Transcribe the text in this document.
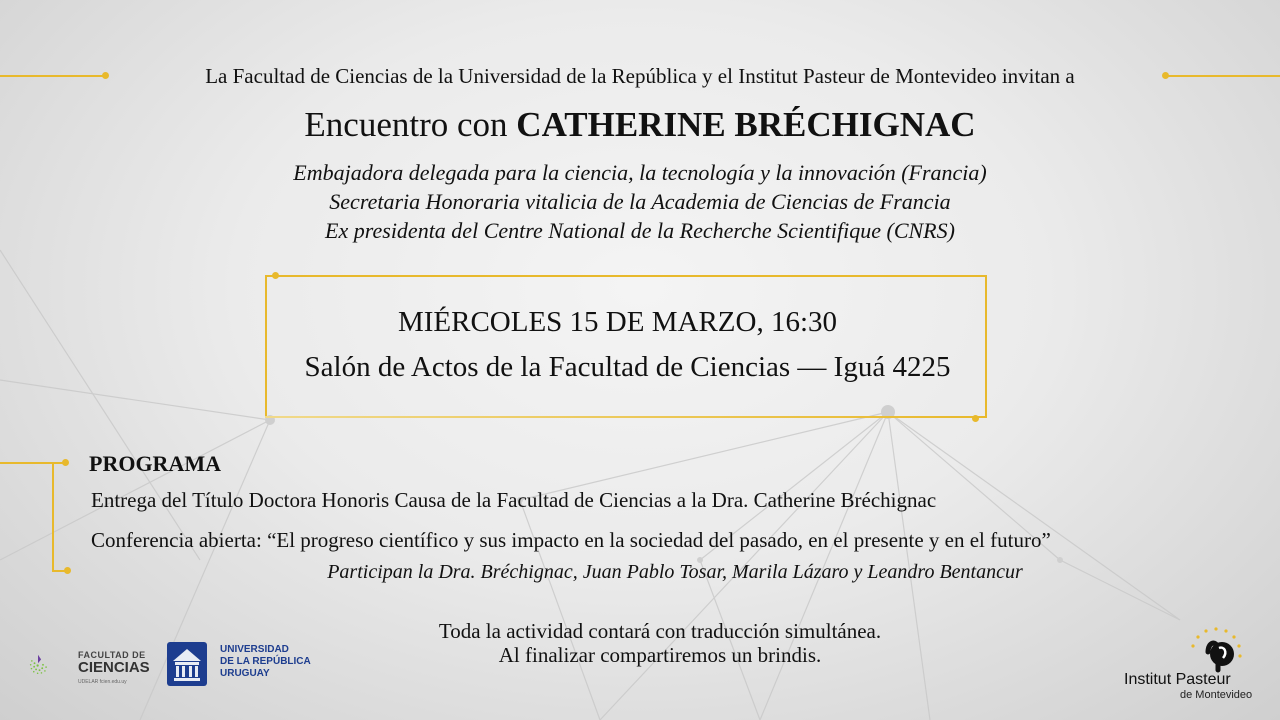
La Facultad de Ciencias de la Universidad de la República y el Institut Pasteur de Montevideo invitan a
Encuentro con CATHERINE BRÉCHIGNAC
Embajadora delegada para la ciencia, la tecnología y la innovación (Francia)
Secretaria Honoraria vitalicia de la Academia de Ciencias de Francia
Ex presidenta del Centre National de la Recherche Scientifique (CNRS)
MIÉRCOLES 15 DE MARZO, 16:30
Salón de Actos de la Facultad de Ciencias — Iguá 4225
PROGRAMA
Entrega del Título Doctora Honoris Causa de la Facultad de Ciencias a la Dra. Catherine Bréchignac
Conferencia abierta: “El progreso científico y sus impacto en la sociedad del pasado, en el presente y en el futuro”
Participan la Dra. Bréchignac, Juan Pablo Tosar, Marila Lázaro y Leandro Bentancur
Toda la actividad contará con traducción simultánea.
Al finalizar compartiremos un brindis.
FACULTAD DE
CIENCIAS
UDELAR fcien.edu.uy
UNIVERSIDAD
DE LA REPÚBLICA
URUGUAY	Institut Pasteur
de Montevideo
